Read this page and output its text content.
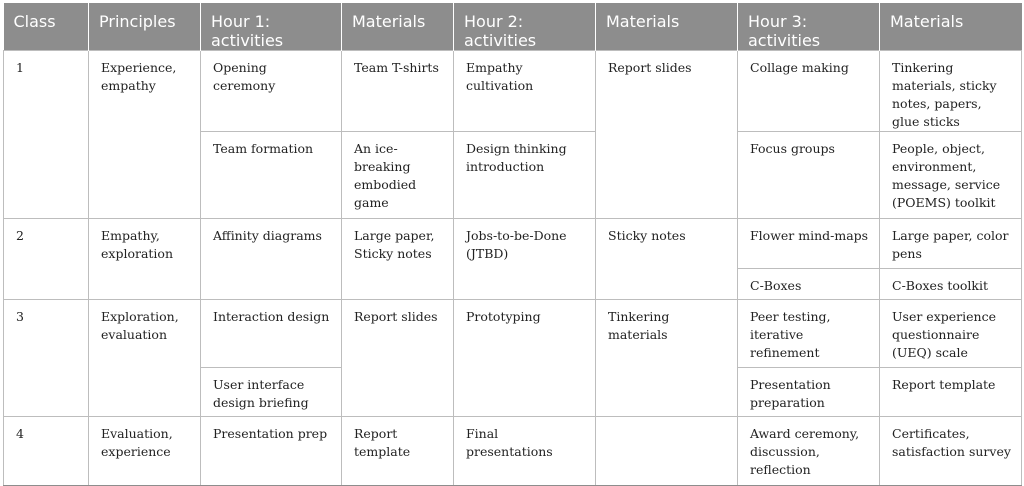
Class	Principles	Hour 1: activities	Materials	Hour 2: activities	Materials	Hour 3: activities	Materials
1	Experience, empathy	Opening ceremony	Team T-shirts	Empathy cultivation	Report slides	Collage making	Tinkering materials, sticky notes, papers, glue sticks
		Team formation	An ice-breaking embodied game	Design thinking introduction		Focus groups	People, object, environment, message, service (POEMS) toolkit
2	Empathy, exploration	Affinity diagrams	Large paper, Sticky notes	Jobs-to-be-Done (JTBD)	Sticky notes	Flower mind-maps	Large paper, color pens
						C-Boxes	C-Boxes toolkit
3	Exploration, evaluation	Interaction design	Report slides	Prototyping	Tinkering materials	Peer testing, iterative refinement	User experience questionnaire (UEQ) scale
		User interface design briefing				Presentation preparation	Report template
4	Evaluation, experience	Presentation prep	Report template	Final presentations		Award ceremony, discussion, reflection	Certificates, satisfaction survey
